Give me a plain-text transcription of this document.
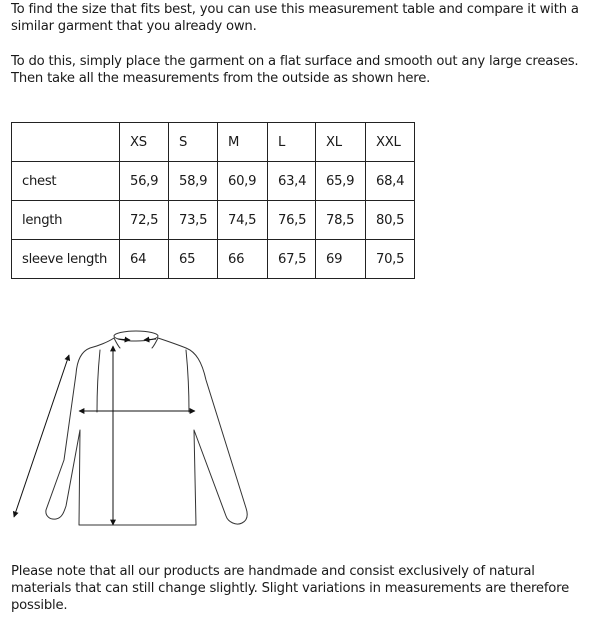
To find the size that fits best, you can use this measurement table and compare it with a similar garment that you already own.

To do this, simply place the garment on a flat surface and smooth out any large creases. Then take all the measurements from the outside as shown here.

	XS	S	M	L	XL	XXL
chest	56,9	58,9	60,9	63,4	65,9	68,4
length	72,5	73,5	74,5	76,5	78,5	80,5
sleeve length	64	65	66	67,5	69	70,5

Please note that all our products are handmade and consist exclusively of natural materials that can still change slightly. Slight variations in measurements are therefore possible.
